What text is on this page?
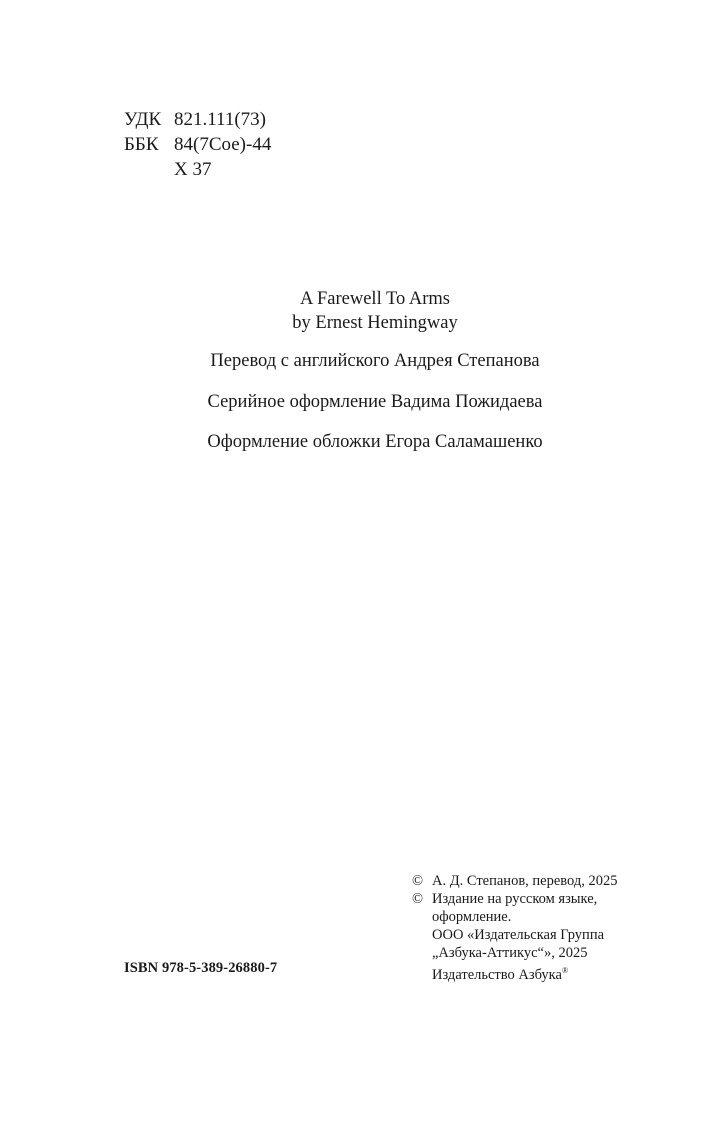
УДК 821.111(73)
ББК 84(7Сое)-44
Х 37
A Farewell To Arms
by Ernest Hemingway
Перевод с английского Андрея Степанова
Серийное оформление Вадима Пожидаева
Оформление обложки Егора Саламашенко
ISBN 978-5-389-26880-7
© А. Д. Степанов, перевод, 2025
© Издание на русском языке,
оформление.
ООО «Издательская Группа
„Азбука-Аттикус“», 2025
Издательство Азбука®
